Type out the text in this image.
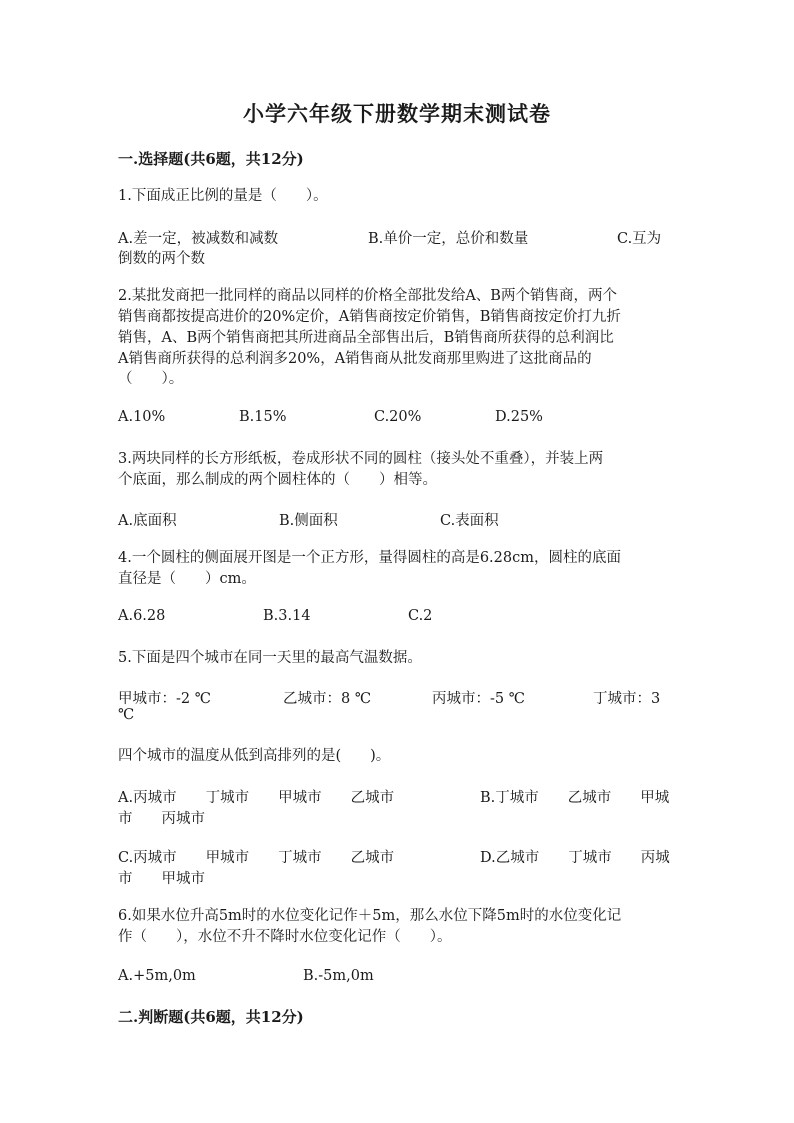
小学六年级下册数学期末测试卷
一.选择题(共6题，共12分)
1.下面成正比例的量是（　　）。
A.差一定，被减数和减数	B.单价一定，总价和数量	C.互为
倒数的两个数
2.某批发商把一批同样的商品以同样的价格全部批发给A、B两个销售商，两个
销售商都按提高进价的20%定价，A销售商按定价销售，B销售商按定价打九折
销售，A、B两个销售商把其所进商品全部售出后，B销售商所获得的总利润比
A销售商所获得的总利润多20%，A销售商从批发商那里购进了这批商品的
（　　）。
A.10%	B.15%	C.20%	D.25%
3.两块同样的长方形纸板，卷成形状不同的圆柱（接头处不重叠），并装上两
个底面，那么制成的两个圆柱体的（　　）相等。
A.底面积	B.侧面积	C.表面积
4.一个圆柱的侧面展开图是一个正方形，量得圆柱的高是6.28cm，圆柱的底面
直径是（　　）cm。
A.6.28	B.3.14	C.2
5.下面是四个城市在同一天里的最高气温数据。
甲城市：-2 ℃	乙城市：8 ℃	丙城市：-5 ℃	丁城市：3
℃
四个城市的温度从低到高排列的是(　　)。
A.丙城市　　丁城市　　甲城市　　乙城市	B.丁城市　　乙城市　　甲城
市　　丙城市
C.丙城市　　甲城市　　丁城市　　乙城市	D.乙城市　　丁城市　　丙城
市　　甲城市
6.如果水位升高5m时的水位变化记作＋5m，那么水位下降5m时的水位变化记
作（　　），水位不升不降时水位变化记作（　　）。
A.+5m,0m	B.-5m,0m
二.判断题(共6题，共12分)
